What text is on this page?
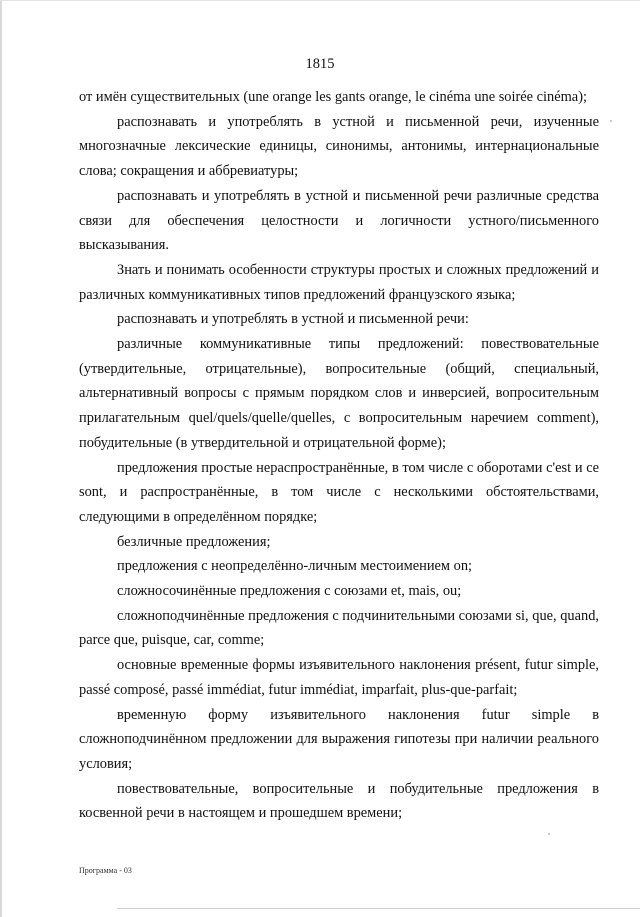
1815

от имён существительных (une orange les gants orange, le cinéma une soirée cinéma);

распознавать и употреблять в устной и письменной речи, изученные многозначные лексические единицы, синонимы, антонимы, интернациональные слова; сокращения и аббревиатуры;

распознавать и употреблять в устной и письменной речи различные средства связи для обеспечения целостности и логичности устного/письменного высказывания.

Знать и понимать особенности структуры простых и сложных предложений и различных коммуникативных типов предложений французского языка;

распознавать и употреблять в устной и письменной речи:

различные коммуникативные типы предложений: повествовательные (утвердительные, отрицательные), вопросительные (общий, специальный, альтернативный вопросы с прямым порядком слов и инверсией, вопросительным прилагательным quel/quels/quelle/quelles, с вопросительным наречием comment), побудительные (в утвердительной и отрицательной форме);

предложения простые нераспространённые, в том числе с оборотами c'est и ce sont, и распространённые, в том числе с несколькими обстоятельствами, следующими в определённом порядке;

безличные предложения;

предложения с неопределённо-личным местоимением on;

сложносочинённые предложения с союзами et, mais, ou;

сложноподчинённые предложения с подчинительными союзами si, que, quand, parce que, puisque, car, comme;

основные временные формы изъявительного наклонения présent, futur simple, passé composé, passé immédiat, futur immédiat, imparfait, plus-que-parfait;

временную форму изъявительного наклонения futur simple в сложноподчинённом предложении для выражения гипотезы при наличии реального условия;

повествовательные, вопросительные и побудительные предложения в косвенной речи в настоящем и прошедшем времени;

Программа - 03
